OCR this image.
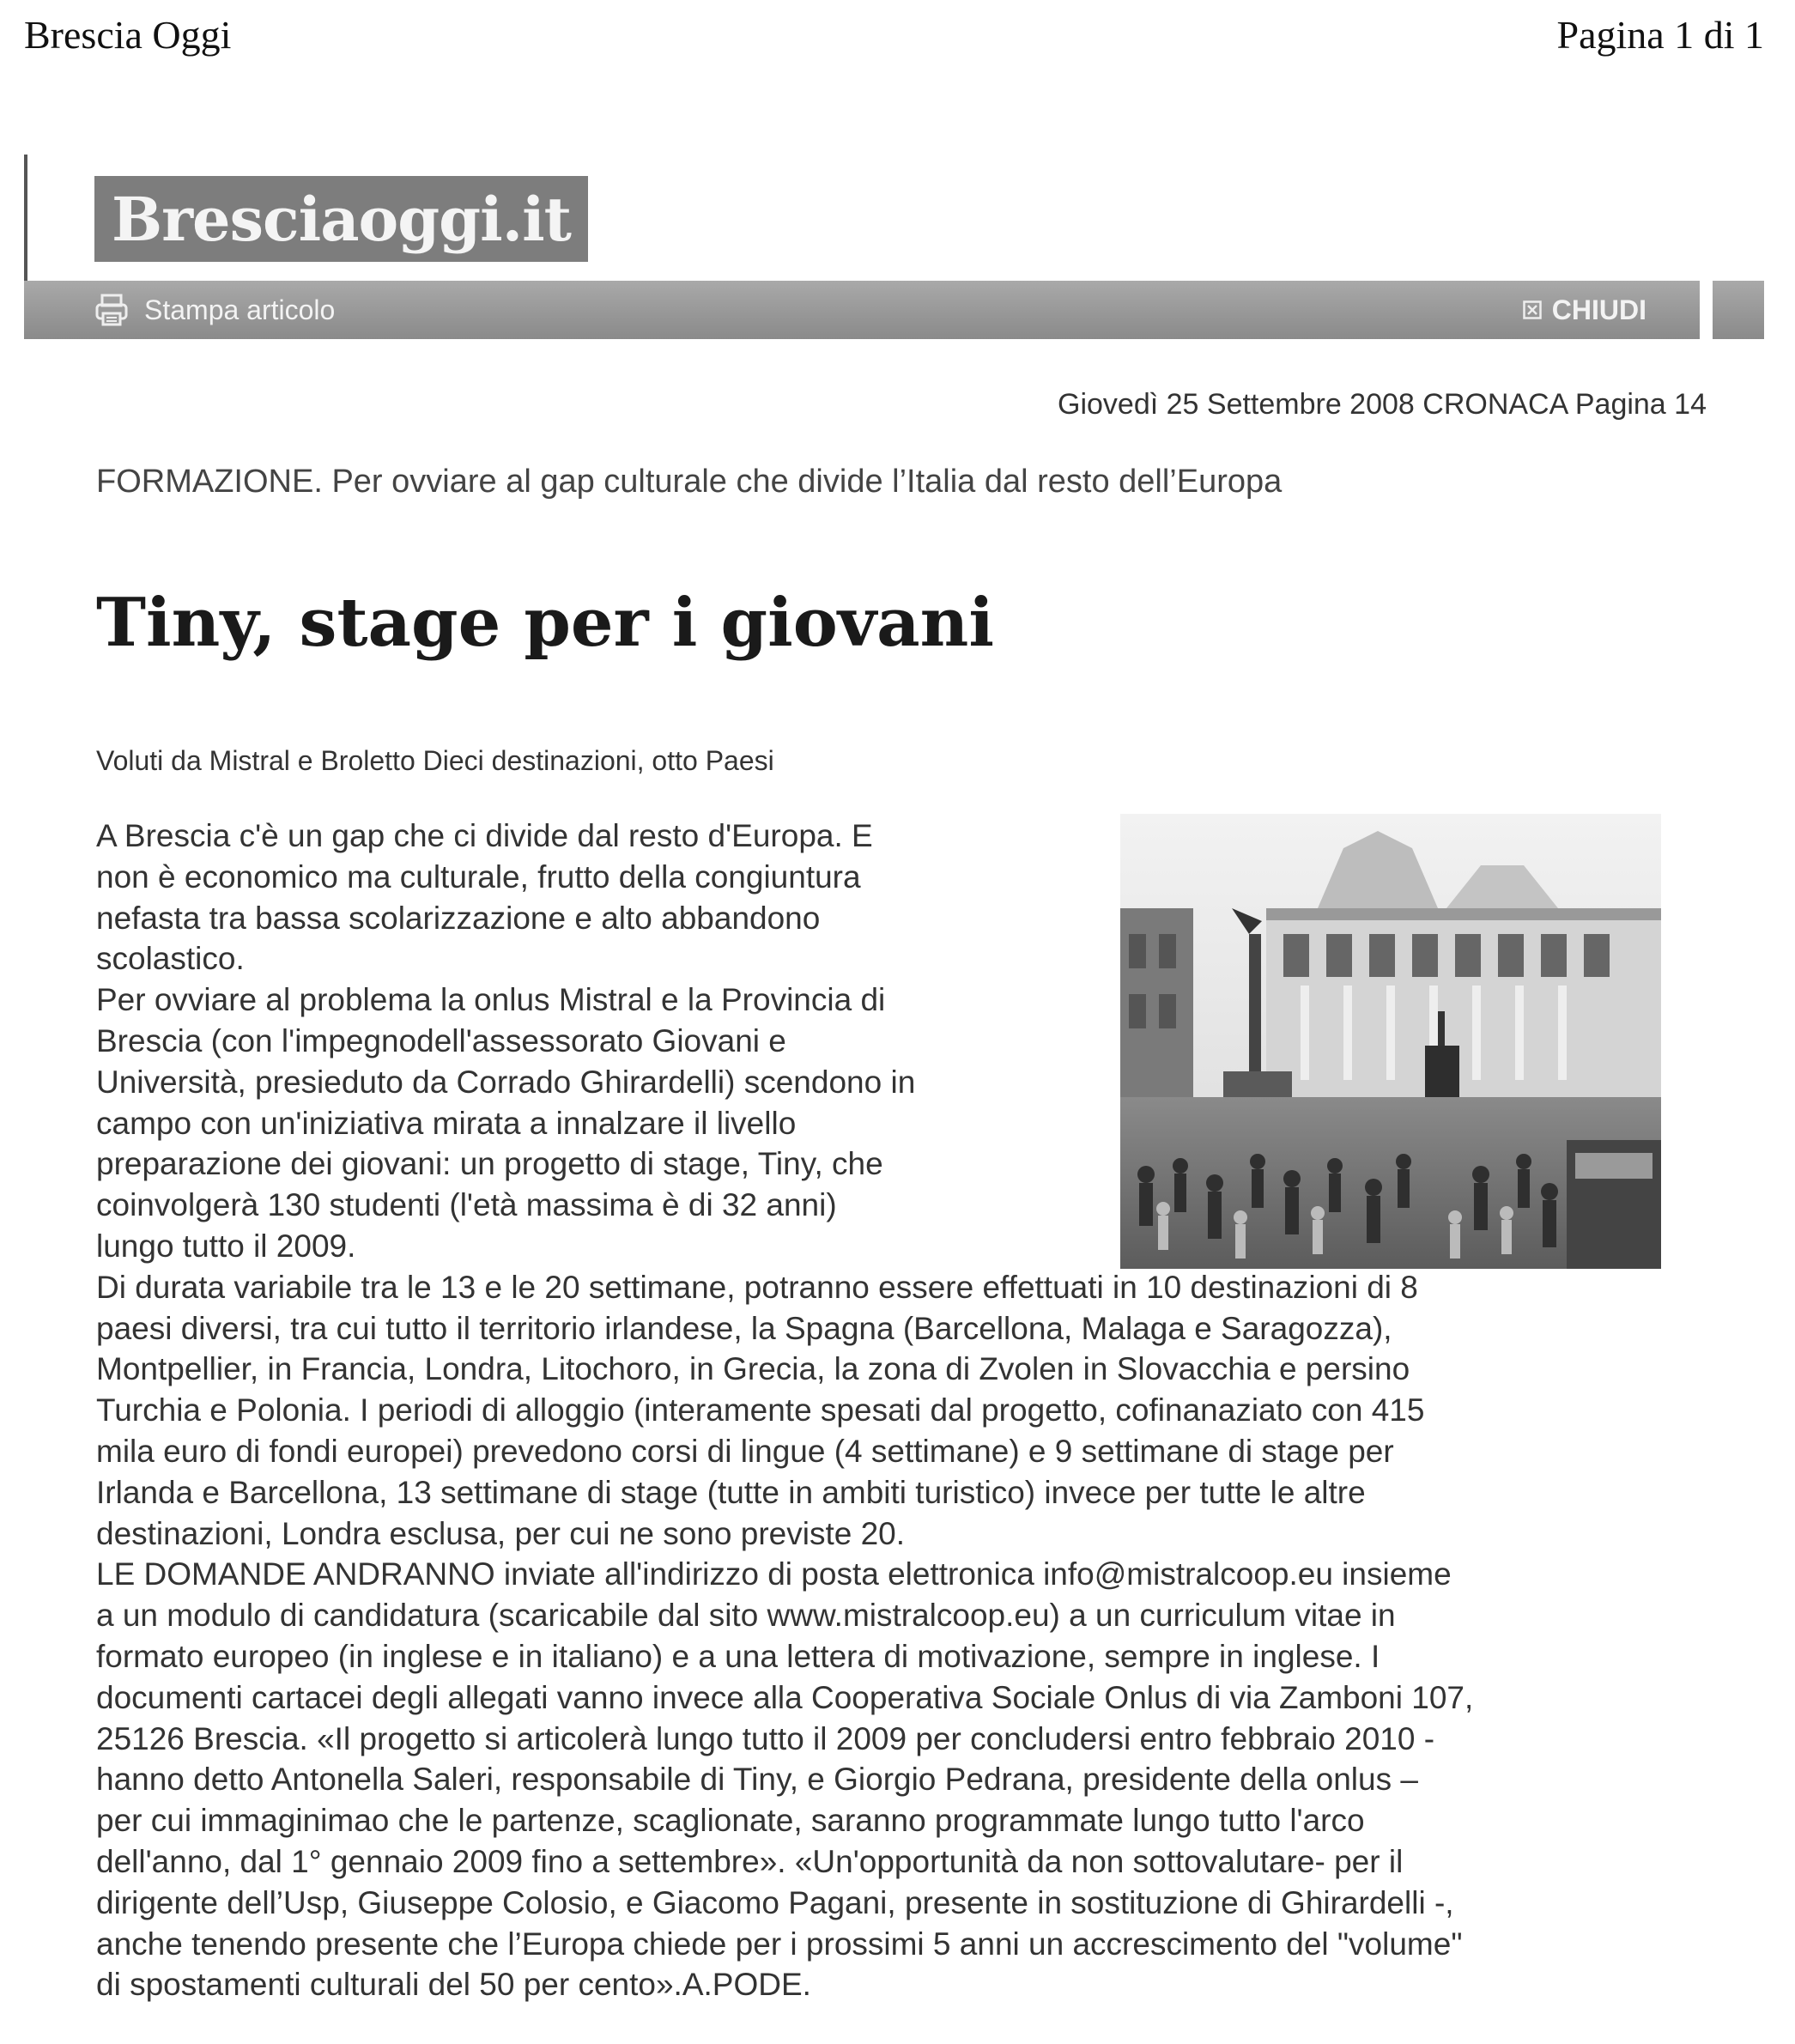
Brescia Oggi	Pagina 1 di 1
Bresciaoggi.it
Stampa articolo	CHIUDI
Giovedì 25 Settembre 2008 CRONACA Pagina 14
FORMAZIONE. Per ovviare al gap culturale che divide l’Italia dal resto dell’Europa
Tiny, stage per i giovani
Voluti da Mistral e Broletto Dieci destinazioni, otto Paesi
A Brescia c'è un gap che ci divide dal resto d'Europa. E
non è economico ma culturale, frutto della congiuntura
nefasta tra bassa scolarizzazione e alto abbandono
scolastico.
Per ovviare al problema la onlus Mistral e la Provincia di
Brescia (con l'impegnodell'assessorato Giovani e
Università, presieduto da Corrado Ghirardelli) scendono in
campo con un'iniziativa mirata a innalzare il livello
preparazione dei giovani: un progetto di stage, Tiny, che
coinvolgerà 130 studenti (l'età massima è di 32 anni)
lungo tutto il 2009.
Di durata variabile tra le 13 e le 20 settimane, potranno essere effettuati in 10 destinazioni di 8
paesi diversi, tra cui tutto il territorio irlandese, la Spagna (Barcellona, Malaga e Saragozza),
Montpellier, in Francia, Londra, Litochoro, in Grecia, la zona di Zvolen in Slovacchia e persino
Turchia e Polonia. I periodi di alloggio (interamente spesati dal progetto, cofinanaziato con 415
mila euro di fondi europei) prevedono corsi di lingue (4 settimane) e 9 settimane di stage per
Irlanda e Barcellona, 13 settimane di stage (tutte in ambiti turistico) invece per tutte le altre
destinazioni, Londra esclusa, per cui ne sono previste 20.
LE DOMANDE ANDRANNO inviate all'indirizzo di posta elettronica info@mistralcoop.eu insieme
a un modulo di candidatura (scaricabile dal sito www.mistralcoop.eu) a un curriculum vitae in
formato europeo (in inglese e in italiano) e a una lettera di motivazione, sempre in inglese. I
documenti cartacei degli allegati vanno invece alla Cooperativa Sociale Onlus di via Zamboni 107,
25126 Brescia. «Il progetto si articolerà lungo tutto il 2009 per concludersi entro febbraio 2010 -
hanno detto Antonella Saleri, responsabile di Tiny, e Giorgio Pedrana, presidente della onlus –
per cui immaginimao che le partenze, scaglionate, saranno programmate lungo tutto l'arco
dell'anno, dal 1° gennaio 2009 fino a settembre». «Un'opportunità da non sottovalutare- per il
dirigente dell’Usp, Giuseppe Colosio, e Giacomo Pagani, presente in sostituzione di Ghirardelli -,
anche tenendo presente che l’Europa chiede per i prossimi 5 anni un accrescimento del "volume"
di spostamenti culturali del 50 per cento».A.PODE.
